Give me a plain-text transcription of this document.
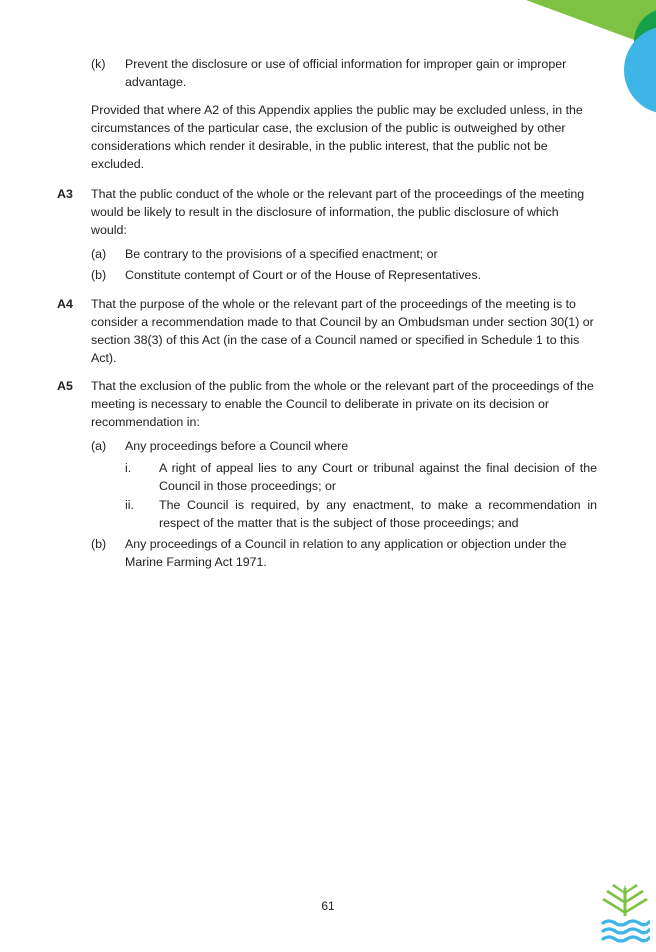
(k) Prevent the disclosure or use of official information for improper gain or improper advantage.
Provided that where A2 of this Appendix applies the public may be excluded unless, in the circumstances of the particular case, the exclusion of the public is outweighed by other considerations which render it desirable, in the public interest, that the public not be excluded.
A3 That the public conduct of the whole or the relevant part of the proceedings of the meeting would be likely to result in the disclosure of information, the public disclosure of which would:
(a) Be contrary to the provisions of a specified enactment; or
(b) Constitute contempt of Court or of the House of Representatives.
A4 That the purpose of the whole or the relevant part of the proceedings of the meeting is to consider a recommendation made to that Council by an Ombudsman under section 30(1) or section 38(3) of this Act (in the case of a Council named or specified in Schedule 1 to this Act).
A5 That the exclusion of the public from the whole or the relevant part of the proceedings of the meeting is necessary to enable the Council to deliberate in private on its decision or recommendation in:
(a) Any proceedings before a Council where
i. A right of appeal lies to any Court or tribunal against the final decision of the Council in those proceedings; or
ii. The Council is required, by any enactment, to make a recommendation in respect of the matter that is the subject of those proceedings; and
(b) Any proceedings of a Council in relation to any application or objection under the Marine Farming Act 1971.
61
